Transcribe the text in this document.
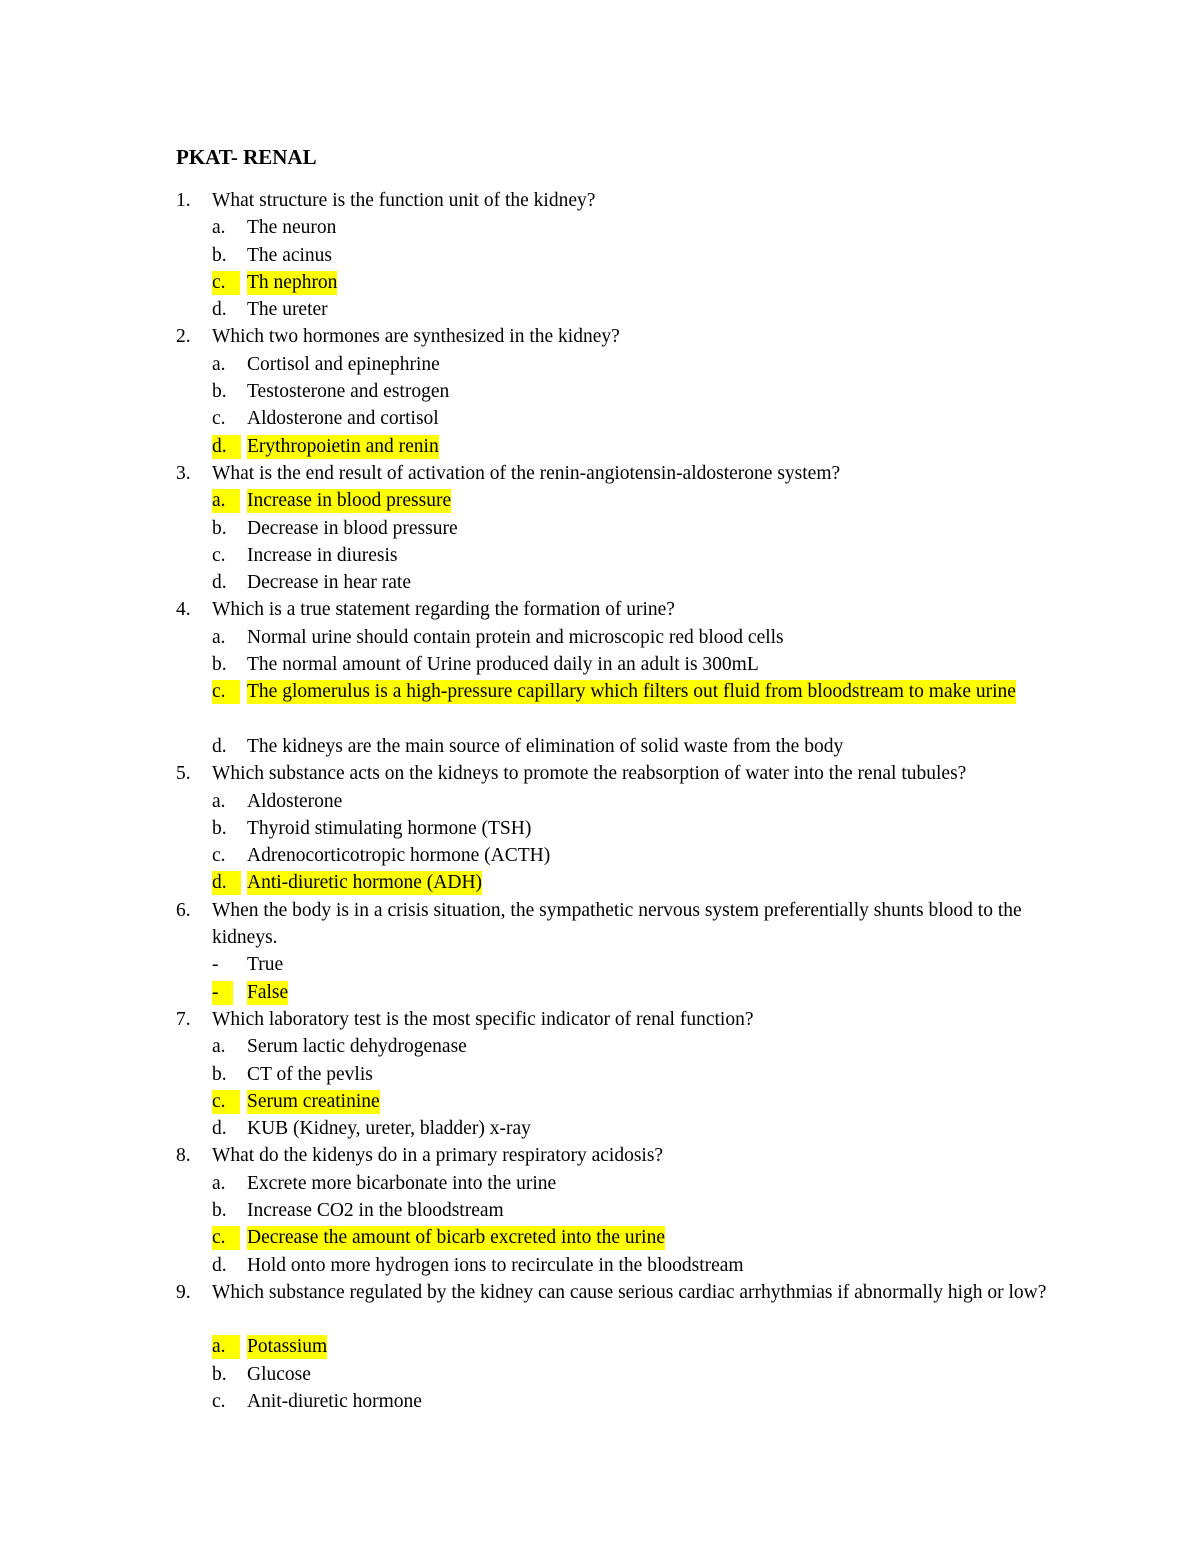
PKAT- RENAL
1. What structure is the function unit of the kidney?
a. The neuron
b. The acinus
c.	Th nephron
d. The ureter
2. Which two hormones are synthesized in the kidney?
a. Cortisol and epinephrine
b. Testosterone and estrogen
c. Aldosterone and cortisol
d.	Erythropoietin and renin
3. What is the end result of activation of the renin-angiotensin-aldosterone system?
a.	Increase in blood pressure
b. Decrease in blood pressure
c. Increase in diuresis
d. Decrease in hear rate
4. Which is a true statement regarding the formation of urine?
a. Normal urine should contain protein and microscopic red blood cells
b. The normal amount of Urine produced daily in an adult is 300mL
c.	The glomerulus is a high-pressure capillary which filters out fluid from bloodstream to make urine
d. The kidneys are the main source of elimination of solid waste from the body
5. Which substance acts on the kidneys to promote the reabsorption of water into the renal tubules?
a. Aldosterone
b. Thyroid stimulating hormone (TSH)
c. Adrenocorticotropic hormone (ACTH)
d.	Anti-diuretic hormone (ADH)
6. When the body is in a crisis situation, the sympathetic nervous system preferentially shunts blood to the kidneys.
- True
-	False
7. Which laboratory test is the most specific indicator of renal function?
a. Serum lactic dehydrogenase
b. CT of the pevlis
c.	Serum creatinine
d. KUB (Kidney, ureter, bladder) x-ray
8. What do the kidenys do in a primary respiratory acidosis?
a. Excrete more bicarbonate into the urine
b. Increase CO2 in the bloodstream
c.	Decrease the amount of bicarb excreted into the urine
d. Hold onto more hydrogen ions to recirculate in the bloodstream
9. Which substance regulated by the kidney can cause serious cardiac arrhythmias if abnormally high or low?
a.	Potassium
b. Glucose
c. Anit-diuretic hormone
